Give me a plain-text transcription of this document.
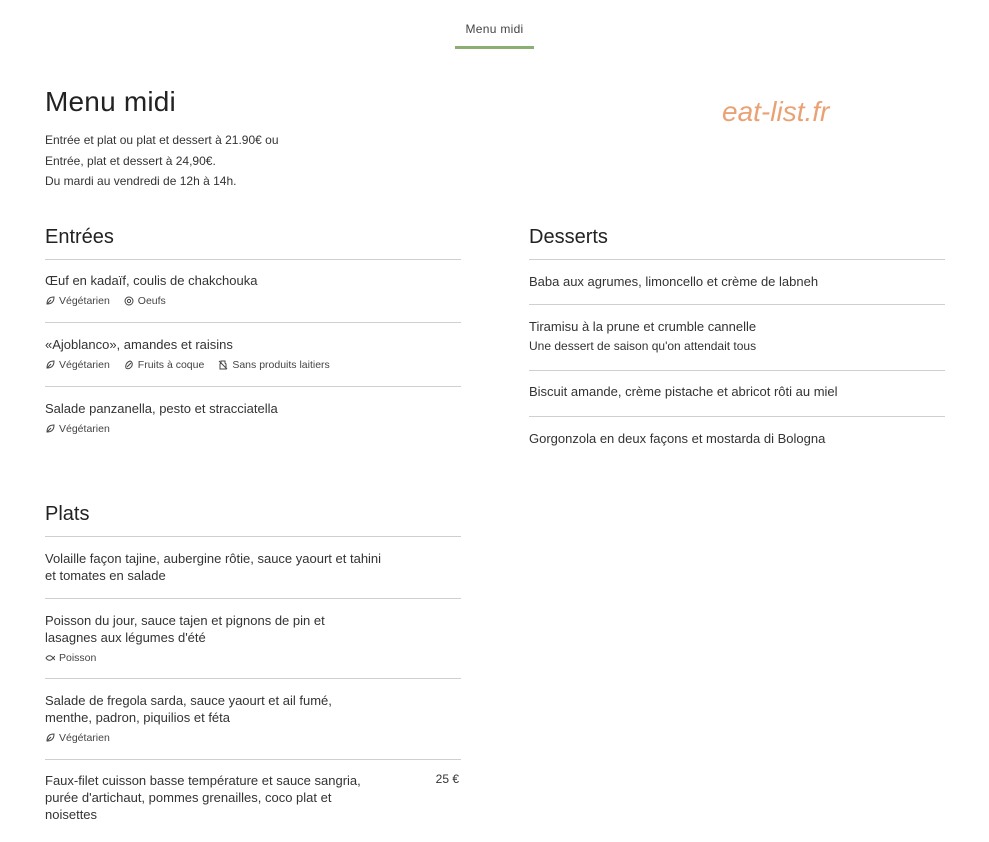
Menu midi
Menu midi	eat-list.fr
Entrée et plat ou plat et dessert à 21.90€ ou
Entrée, plat et dessert à 24,90€.
Du mardi au vendredi de 12h à 14h.
Entrées
Œuf en kadaïf, coulis de chakchouka
Végétarien	Oeufs
«Ajoblanco», amandes et raisins
Végétarien	Fruits à coque	Sans produits laitiers
Salade panzanella, pesto et stracciatella
Végétarien
Desserts
Baba aux agrumes, limoncello et crème de labneh
Tiramisu à la prune et crumble cannelle
Une dessert de saison qu'on attendait tous
Biscuit amande, crème pistache et abricot rôti au miel
Gorgonzola en deux façons et mostarda di Bologna
Plats
Volaille façon tajine, aubergine rôtie, sauce yaourt et tahini et tomates en salade
Poisson du jour, sauce tajen et pignons de pin et lasagnes aux légumes d'été
Poisson
Salade de fregola sarda, sauce yaourt et ail fumé, menthe, padron, piquilios et féta
Végétarien
Faux-filet cuisson basse température et sauce sangria, purée d'artichaut, pommes grenailles, coco plat et noisettes
25 €
